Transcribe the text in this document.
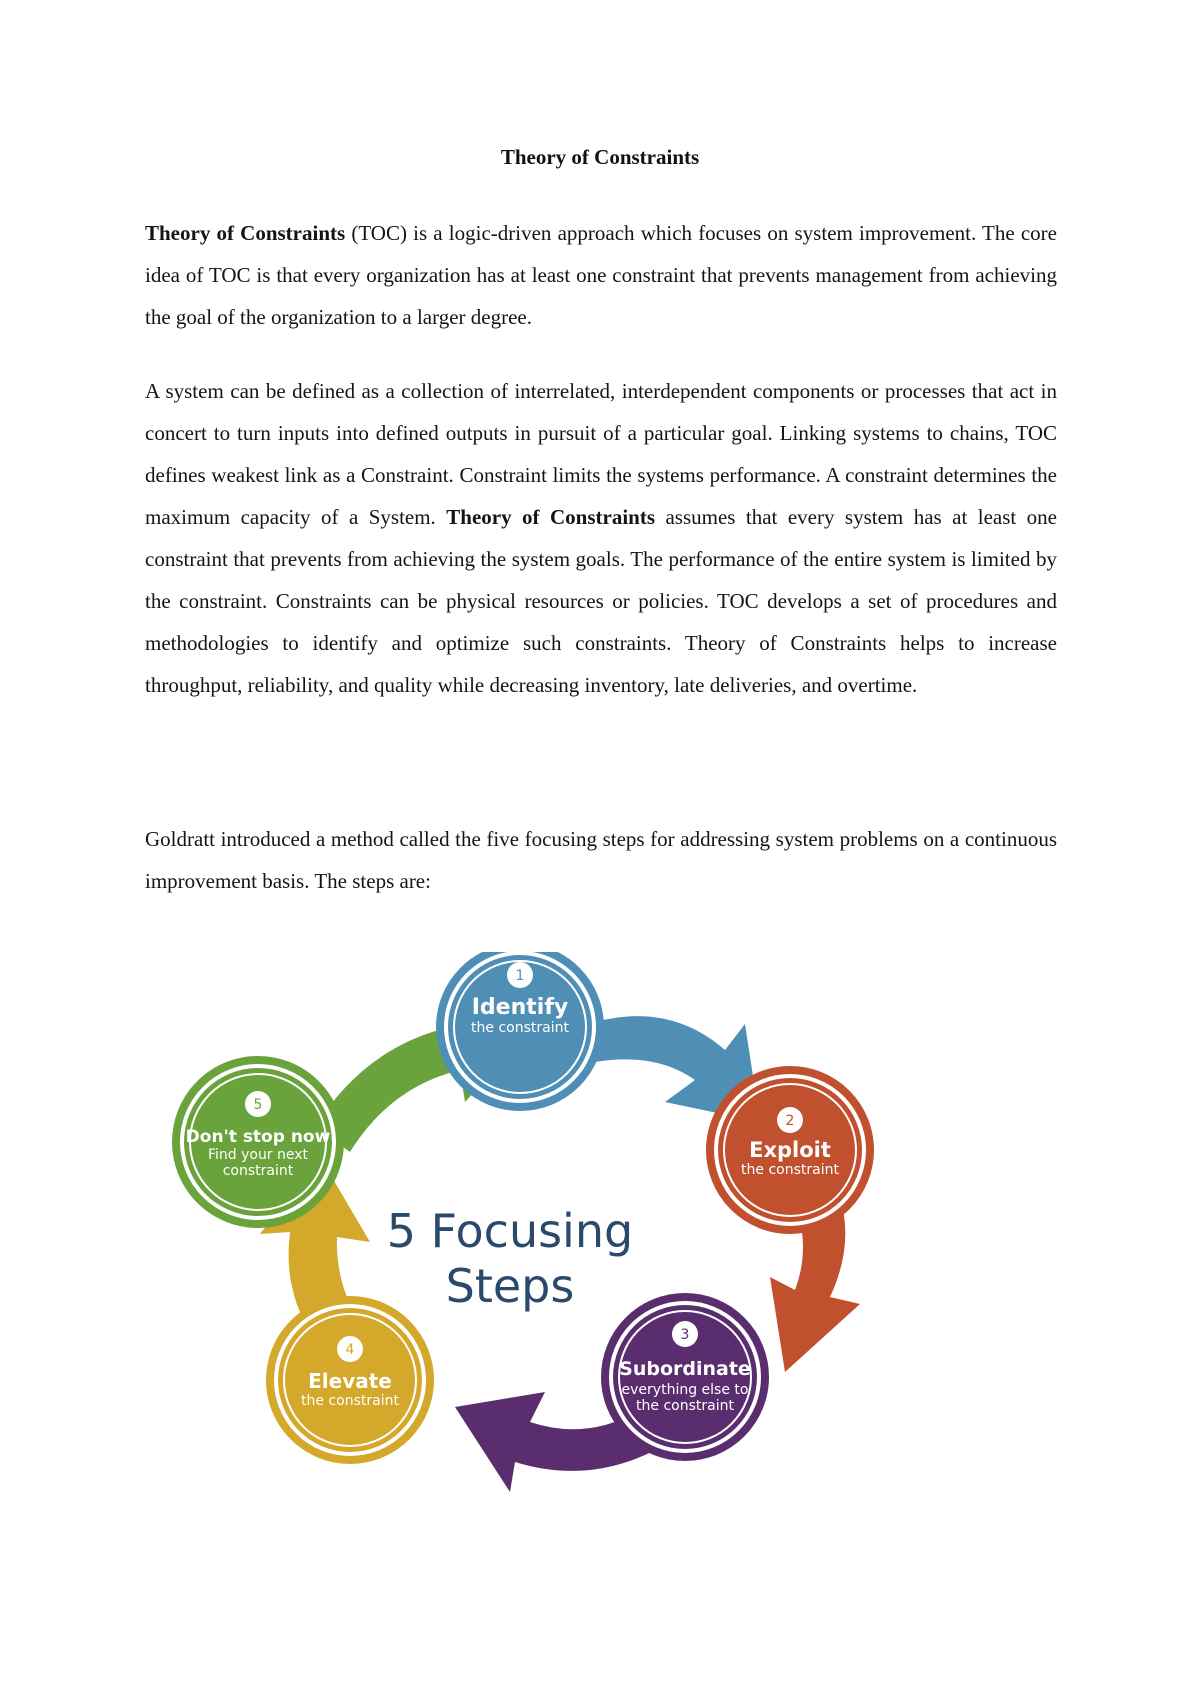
Theory of Constraints

Theory of Constraints (TOC) is a logic-driven approach which focuses on system improvement. The core idea of TOC is that every organization has at least one constraint that prevents management from achieving the goal of the organization to a larger degree.

A system can be defined as a collection of interrelated, interdependent components or processes that act in concert to turn inputs into defined outputs in pursuit of a particular goal. Linking systems to chains, TOC defines weakest link as a Constraint. Constraint limits the systems performance. A constraint determines the maximum capacity of a System. Theory of Constraints assumes that every system has at least one constraint that prevents from achieving the system goals. The performance of the entire system is limited by the constraint. Constraints can be physical resources or policies. TOC develops a set of procedures and methodologies to identify and optimize such constraints. Theory of Constraints helps to increase throughput, reliability, and quality while decreasing inventory, late deliveries, and overtime.

Goldratt introduced a method called the five focusing steps for addressing system problems on a continuous improvement basis. The steps are:

5 Focusing
Steps
1
Identify
the constraint
2
Exploit
the constraint
3
Subordinate
everything else to
the constraint
4
Elevate
the constraint
5
Don't stop now
Find your next
constraint
